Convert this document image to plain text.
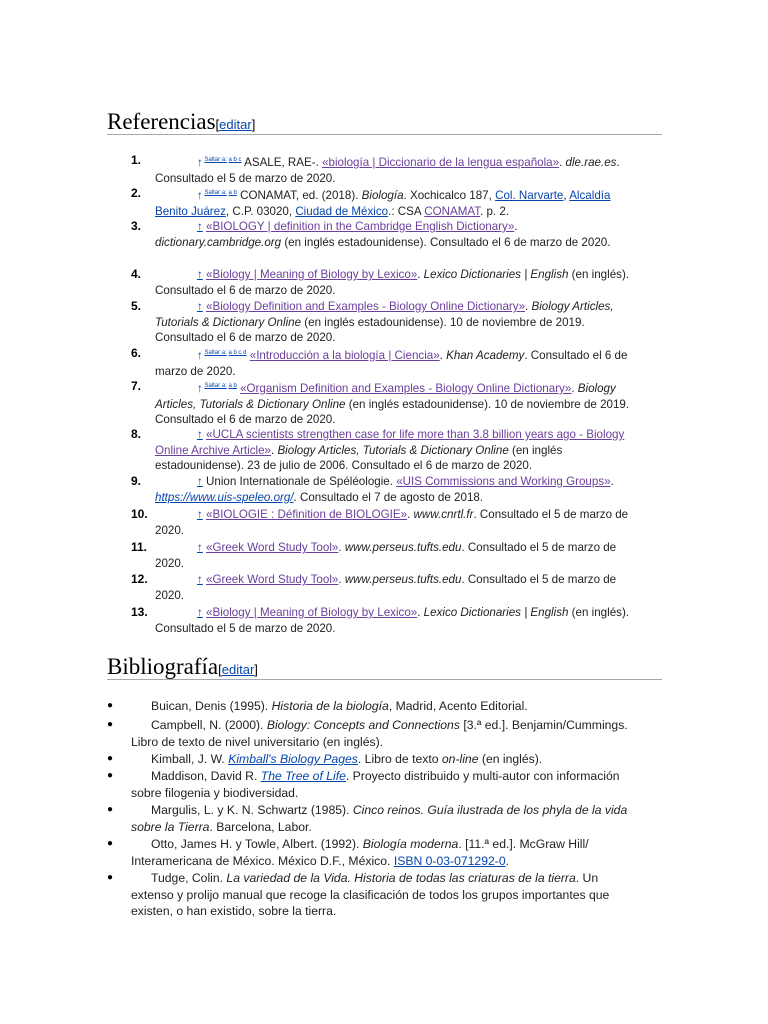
Referencias[editar]
1.	↑ $^{Saltar a: a b c}$ ASALE, RAE-. «biología | Diccionario de la lengua española». dle.rae.es. Consultado el 5 de marzo de 2020.
2.	↑ $^{Saltar a: a b}$ CONAMAT, ed. (2018). Biología. Xochicalco 187, Col. Narvarte, Alcaldía Benito Juárez, C.P. 03020, Ciudad de México.: CSA CONAMAT. p. 2.
3.	↑ «BIOLOGY | definition in the Cambridge English Dictionary». dictionary.cambridge.org (en inglés estadounidense). Consultado el 6 de marzo de 2020.
4.	↑ «Biology | Meaning of Biology by Lexico». Lexico Dictionaries | English (en inglés). Consultado el 6 de marzo de 2020.
5.	↑ «Biology Definition and Examples - Biology Online Dictionary». Biology Articles, Tutorials & Dictionary Online (en inglés estadounidense). 10 de noviembre de 2019. Consultado el 6 de marzo de 2020.
6.	↑ $^{Saltar a: a b c d}$ «Introducción a la biología | Ciencia». Khan Academy. Consultado el 6 de marzo de 2020.
7.	↑ $^{Saltar a: a b}$ «Organism Definition and Examples - Biology Online Dictionary». Biology Articles, Tutorials & Dictionary Online (en inglés estadounidense). 10 de noviembre de 2019. Consultado el 6 de marzo de 2020.
8.	↑ «UCLA scientists strengthen case for life more than 3.8 billion years ago - Biology Online Archive Article». Biology Articles, Tutorials & Dictionary Online (en inglés estadounidense). 23 de julio de 2006. Consultado el 6 de marzo de 2020.
9.	↑ Union Internationale de Spéléologie. «UIS Commissions and Working Groups». https://www.uis-speleo.org/. Consultado el 7 de agosto de 2018.
10.	↑ «BIOLOGIE : Définition de BIOLOGIE». www.cnrtl.fr. Consultado el 5 de marzo de 2020.
11.	↑ «Greek Word Study Tool». www.perseus.tufts.edu. Consultado el 5 de marzo de 2020.
12.	↑ «Greek Word Study Tool». www.perseus.tufts.edu. Consultado el 5 de marzo de 2020.
13.	↑ «Biology | Meaning of Biology by Lexico». Lexico Dictionaries | English (en inglés). Consultado el 5 de marzo de 2020.
Bibliografía[editar]
●	Buican, Denis (1995). Historia de la biología, Madrid, Acento Editorial.
●	Campbell, N. (2000). Biology: Concepts and Connections [3.ª ed.]. Benjamin/Cummings. Libro de texto de nivel universitario (en inglés).
●	Kimball, J. W. Kimball's Biology Pages. Libro de texto on-line (en inglés).
●	Maddison, David R. The Tree of Life. Proyecto distribuido y multi-autor con información sobre filogenia y biodiversidad.
●	Margulis, L. y K. N. Schwartz (1985). Cinco reinos. Guía ilustrada de los phyla de la vida sobre la Tierra. Barcelona, Labor.
●	Otto, James H. y Towle, Albert. (1992). Biología moderna. [11.ª ed.]. McGraw Hill/ Interamericana de México. México D.F., México. ISBN 0-03-071292-0.
●	Tudge, Colin. La variedad de la Vida. Historia de todas las criaturas de la tierra. Un extenso y prolijo manual que recoge la clasificación de todos los grupos importantes que existen, o han existido, sobre la tierra.
